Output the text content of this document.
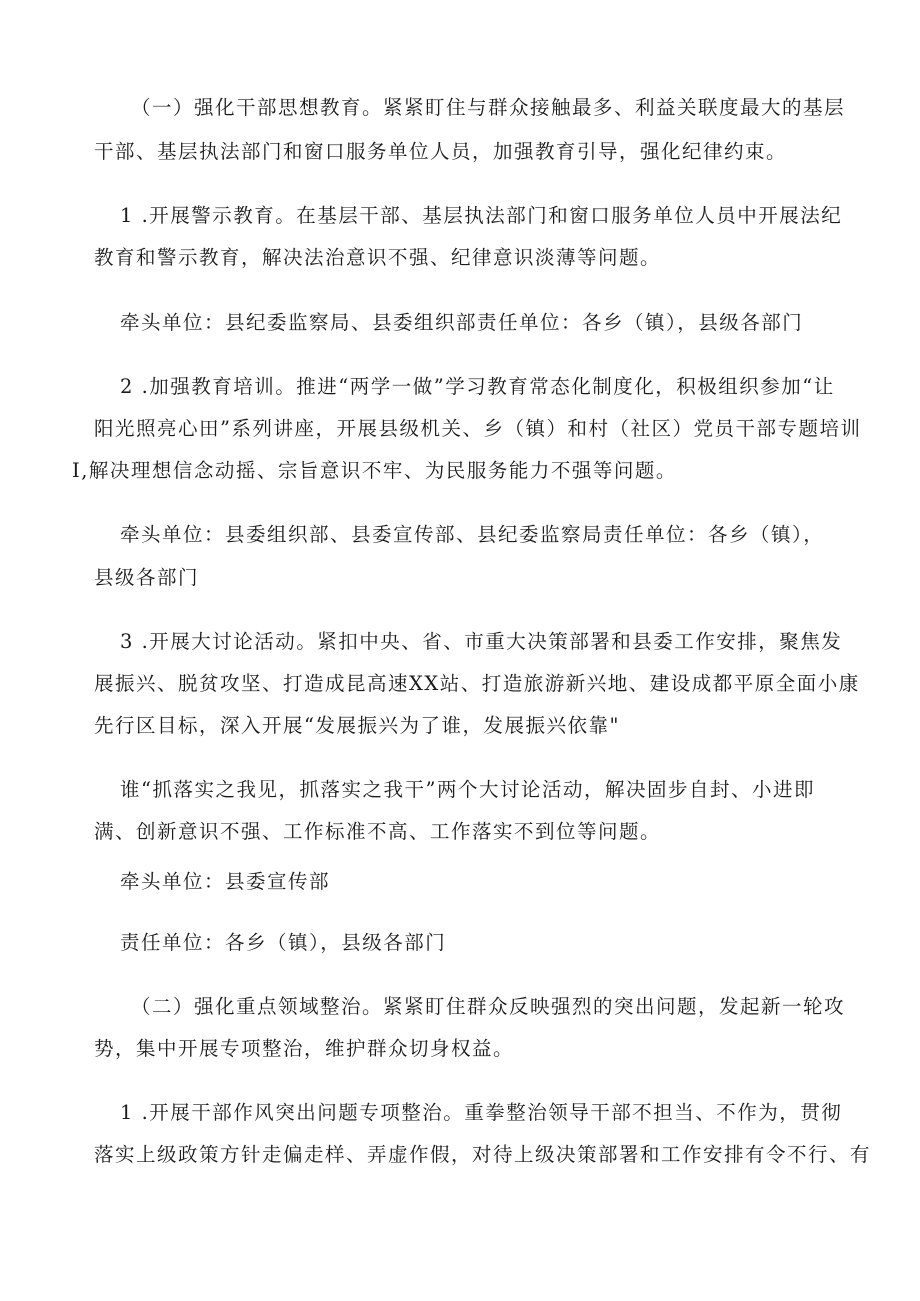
（一）强化干部思想教育。紧紧盯住与群众接触最多、利益关联度最大的基层
干部、基层执法部门和窗口服务单位人员，加强教育引导，强化纪律约束。
1 .开展警示教育。在基层干部、基层执法部门和窗口服务单位人员中开展法纪
教育和警示教育，解决法治意识不强、纪律意识淡薄等问题。
牵头单位：县纪委监察局、县委组织部责任单位：各乡（镇），县级各部门
2 .加强教育培训。推进“两学一做”学习教育常态化制度化，积极组织参加“让
阳光照亮心田”系列讲座，开展县级机关、乡（镇）和村（社区）党员干部专题培训
I,解决理想信念动摇、宗旨意识不牢、为民服务能力不强等问题。
牵头单位：县委组织部、县委宣传部、县纪委监察局责任单位：各乡（镇），
县级各部门
3 .开展大讨论活动。紧扣中央、省、市重大决策部署和县委工作安排，聚焦发
展振兴、脱贫攻坚、打造成昆高速XX站、打造旅游新兴地、建设成都平原全面小康
先行区目标，深入开展“发展振兴为了谁，发展振兴依靠"
谁“抓落实之我见，抓落实之我干”两个大讨论活动，解决固步自封、小进即
满、创新意识不强、工作标准不高、工作落实不到位等问题。
牵头单位：县委宣传部
责任单位：各乡（镇），县级各部门
（二）强化重点领域整治。紧紧盯住群众反映强烈的突出问题，发起新一轮攻
势，集中开展专项整治，维护群众切身权益。
1 .开展干部作风突出问题专项整治。重拳整治领导干部不担当、不作为，贯彻
落实上级政策方针走偏走样、弄虚作假，对待上级决策部署和工作安排有令不行、有
